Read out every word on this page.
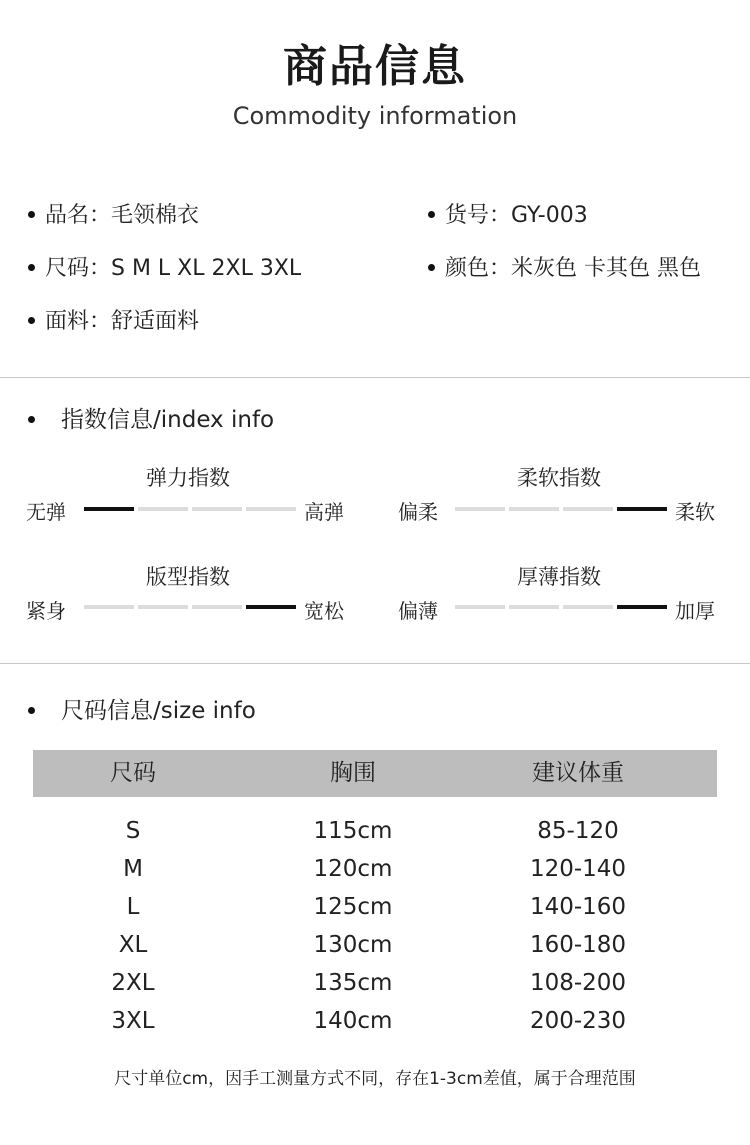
商品信息
Commodity information
品名：毛领棉衣	货号：GY-003
尺码：S M L XL 2XL 3XL	颜色：米灰色 卡其色 黑色
面料：舒适面料
指数信息/index info
弹力指数
无弹	高弹
柔软指数
偏柔	柔软
版型指数
紧身	宽松
厚薄指数
偏薄	加厚
尺码信息/size info
尺码	胸围	建议体重
S	115cm	85-120
M	120cm	120-140
L	125cm	140-160
XL	130cm	160-180
2XL	135cm	108-200
3XL	140cm	200-230
尺寸单位cm，因手工测量方式不同，存在1-3cm差值，属于合理范围
